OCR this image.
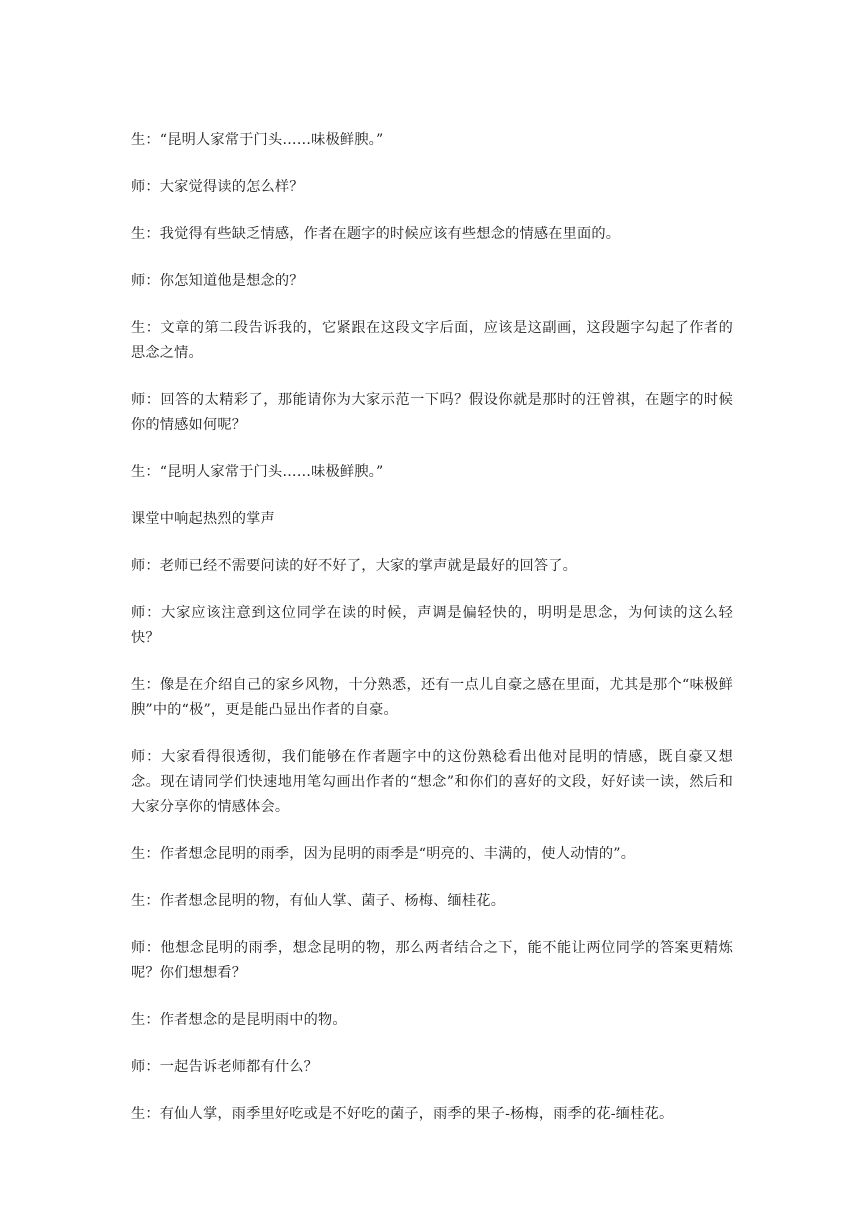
生：“昆明人家常于门头……味极鲜腴。”

师：大家觉得读的怎么样？

生：我觉得有些缺乏情感，作者在题字的时候应该有些想念的情感在里面的。

师：你怎知道他是想念的？

生：文章的第二段告诉我的，它紧跟在这段文字后面，应该是这副画，这段题字勾起了作者的思念之情。

师：回答的太精彩了，那能请你为大家示范一下吗？假设你就是那时的汪曾祺，在题字的时候你的情感如何呢？

生：“昆明人家常于门头……味极鲜腴。”

课堂中响起热烈的掌声

师：老师已经不需要问读的好不好了，大家的掌声就是最好的回答了。

师：大家应该注意到这位同学在读的时候，声调是偏轻快的，明明是思念，为何读的这么轻快？

生：像是在介绍自己的家乡风物，十分熟悉，还有一点儿自豪之感在里面，尤其是那个“味极鲜腴”中的“极”，更是能凸显出作者的自豪。

师：大家看得很透彻，我们能够在作者题字中的这份熟稔看出他对昆明的情感，既自豪又想念。现在请同学们快速地用笔勾画出作者的“想念”和你们的喜好的文段，好好读一读，然后和大家分享你的情感体会。

生：作者想念昆明的雨季，因为昆明的雨季是“明亮的、丰满的，使人动情的”。

生：作者想念昆明的物，有仙人掌、菌子、杨梅、缅桂花。

师：他想念昆明的雨季，想念昆明的物，那么两者结合之下，能不能让两位同学的答案更精炼呢？你们想想看？

生：作者想念的是昆明雨中的物。

师：一起告诉老师都有什么？

生：有仙人掌，雨季里好吃或是不好吃的菌子，雨季的果子-杨梅，雨季的花-缅桂花。
